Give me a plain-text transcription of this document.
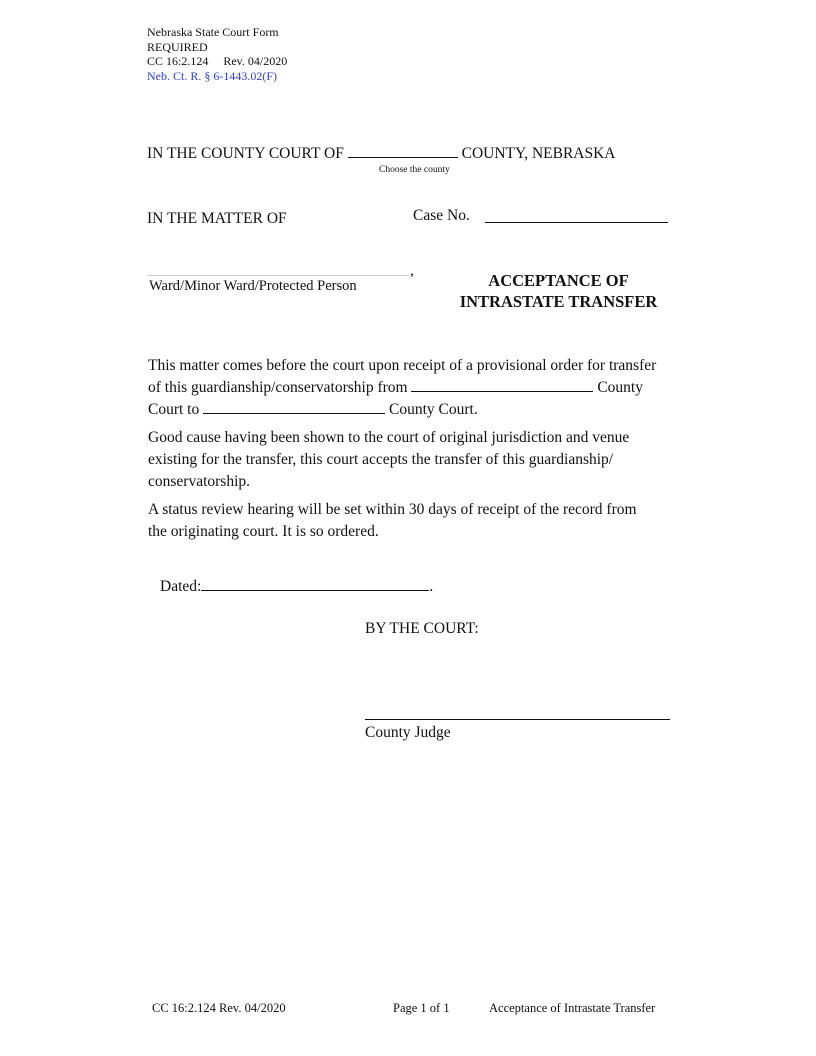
Nebraska State Court Form
REQUIRED
CC 16:2.124 Rev. 04/2020
Neb. Ct. R. § 6-1443.02(F)
IN THE COUNTY COURT OF	COUNTY, NEBRASKA
Choose the county
IN THE MATTER OF	Case No.
,
Ward/Minor Ward/Protected Person	ACCEPTANCE OF
INTRASTATE TRANSFER

This matter comes before the court upon receipt of a provisional order for transfer of this guardianship/conservatorship from	County Court to	County Court.

Good cause having been shown to the court of original jurisdiction and venue existing for the transfer, this court accepts the transfer of this guardianship/ conservatorship.

A status review hearing will be set within 30 days of receipt of the record from the originating court. It is so ordered.

Dated:	.
BY THE COURT:
County Judge
CC 16:2.124 Rev. 04/2020	Page 1 of 1	Acceptance of Intrastate Transfer
